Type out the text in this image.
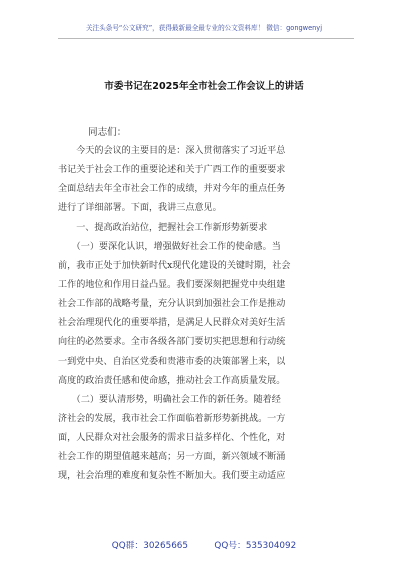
关注头条号“公文研究”，获得最新最全最专业的公文资料库！ 微信：gongwenyj
市委书记在2025年全市社会工作会议上的讲话
同志们：
　　今天的会议的主要目的是：深入贯彻落实了习近平总
书记关于社会工作的重要论述和关于广西工作的重要要求
全面总结去年全市社会工作的成绩，并对今年的重点任务
进行了详细部署。下面，我讲三点意见。
　　一、提高政治站位，把握社会工作新形势新要求
　　（一）要深化认识，增强做好社会工作的使命感。当
前，我市正处于加快新时代x现代化建设的关键时期，社会
工作的地位和作用日益凸显。我们要深刻把握党中央组建
社会工作部的战略考量，充分认识到加强社会工作是推动
社会治理现代化的重要举措，是满足人民群众对美好生活
向往的必然要求。全市各级各部门要切实把思想和行动统
一到党中央、自治区党委和贵港市委的决策部署上来，以
高度的政治责任感和使命感，推动社会工作高质量发展。
　　（二）要认清形势，明确社会工作的新任务。随着经
济社会的发展，我市社会工作面临着新形势新挑战。一方
面，人民群众对社会服务的需求日益多样化、个性化，对
社会工作的期望值越来越高；另一方面，新兴领域不断涌
现，社会治理的难度和复杂性不断加大。我们要主动适应
QQ群：30265665　　　QQ号：535304092
